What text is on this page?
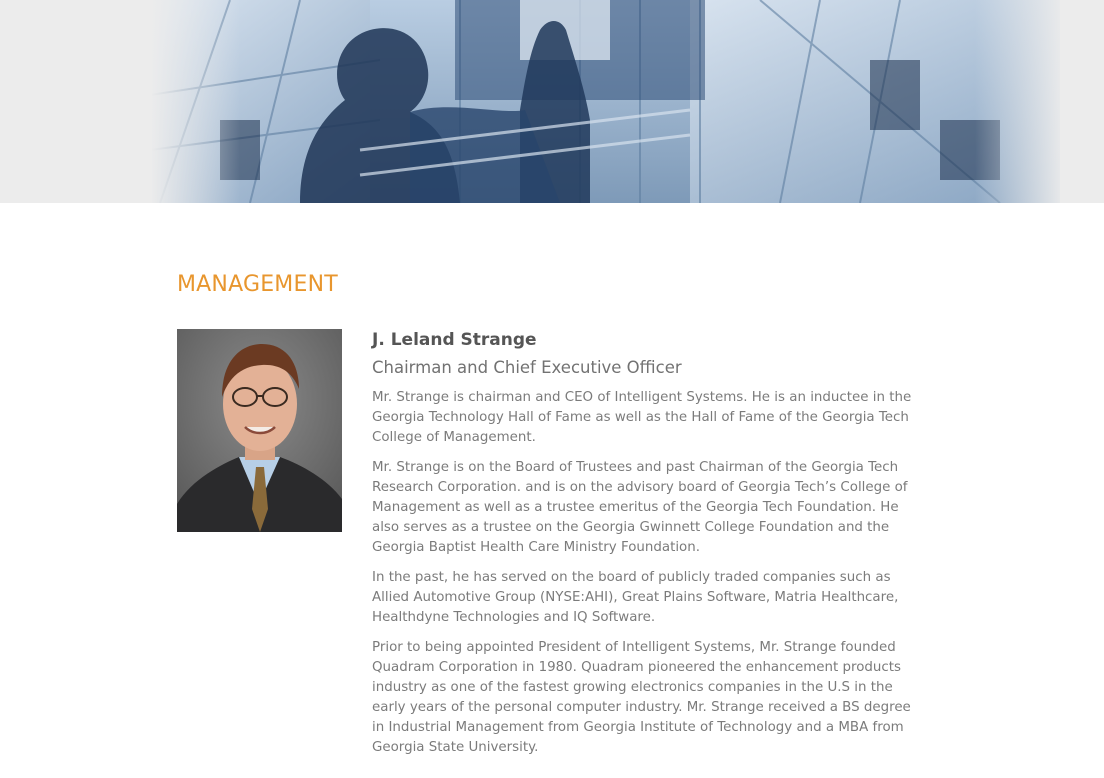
MANAGEMENT
J. Leland Strange
Chairman and Chief Executive Officer

Mr. Strange is chairman and CEO of Intelligent Systems. He is an inductee in the Georgia Technology Hall of Fame as well as the Hall of Fame of the Georgia Tech College of Management.

Mr. Strange is on the Board of Trustees and past Chairman of the Georgia Tech Research Corporation. and is on the advisory board of Georgia Tech’s College of Management as well as a trustee emeritus of the Georgia Tech Foundation. He also serves as a trustee on the Georgia Gwinnett College Foundation and the Georgia Baptist Health Care Ministry Foundation.

In the past, he has served on the board of publicly traded companies such as Allied Automotive Group (NYSE:AHI), Great Plains Software, Matria Healthcare, Healthdyne Technologies and IQ Software.

Prior to being appointed President of Intelligent Systems, Mr. Strange founded Quadram Corporation in 1980. Quadram pioneered the enhancement products industry as one of the fastest growing electronics companies in the U.S in the early years of the personal computer industry. Mr. Strange received a BS degree in Industrial Management from Georgia Institute of Technology and a MBA from Georgia State University.
